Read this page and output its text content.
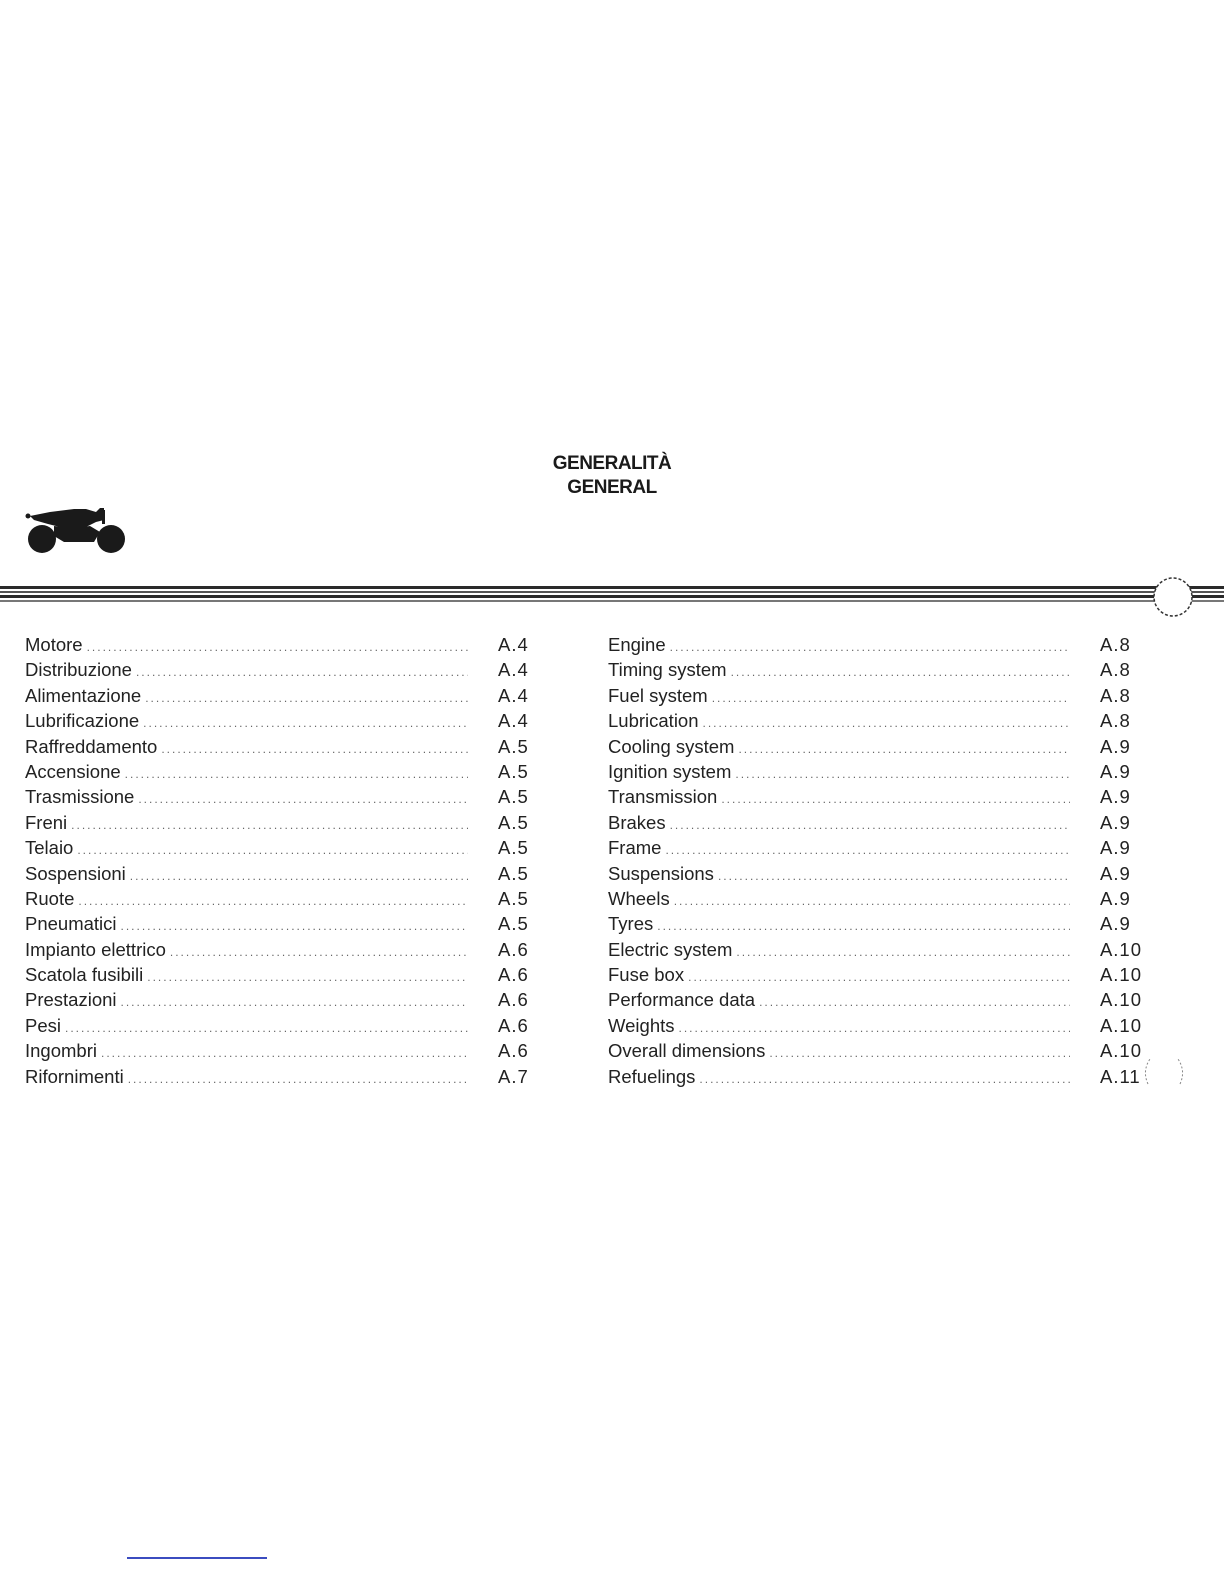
GENERALITÀ
GENERAL
Motore .....	A.4
Distribuzione .....	A.4
Alimentazione .....	A.4
Lubrificazione .....	A.4
Raffreddamento .....	A.5
Accensione .....	A.5
Trasmissione .....	A.5
Freni .....	A.5
Telaio .....	A.5
Sospensioni .....	A.5
Ruote .....	A.5
Pneumatici .....	A.5
Impianto elettrico .....	A.6
Scatola fusibili .....	A.6
Prestazioni .....	A.6
Pesi .....	A.6
Ingombri .....	A.6
Rifornimenti .....	A.7
Engine .....	A.8
Timing system .....	A.8
Fuel system .....	A.8
Lubrication .....	A.8
Cooling system .....	A.9
Ignition system .....	A.9
Transmission .....	A.9
Brakes .....	A.9
Frame .....	A.9
Suspensions .....	A.9
Wheels .....	A.9
Tyres .....	A.9
Electric system .....	A.10
Fuse box .....	A.10
Performance data .....	A.10
Weights .....	A.10
Overall dimensions .....	A.10
Refuelings .....	A.11
